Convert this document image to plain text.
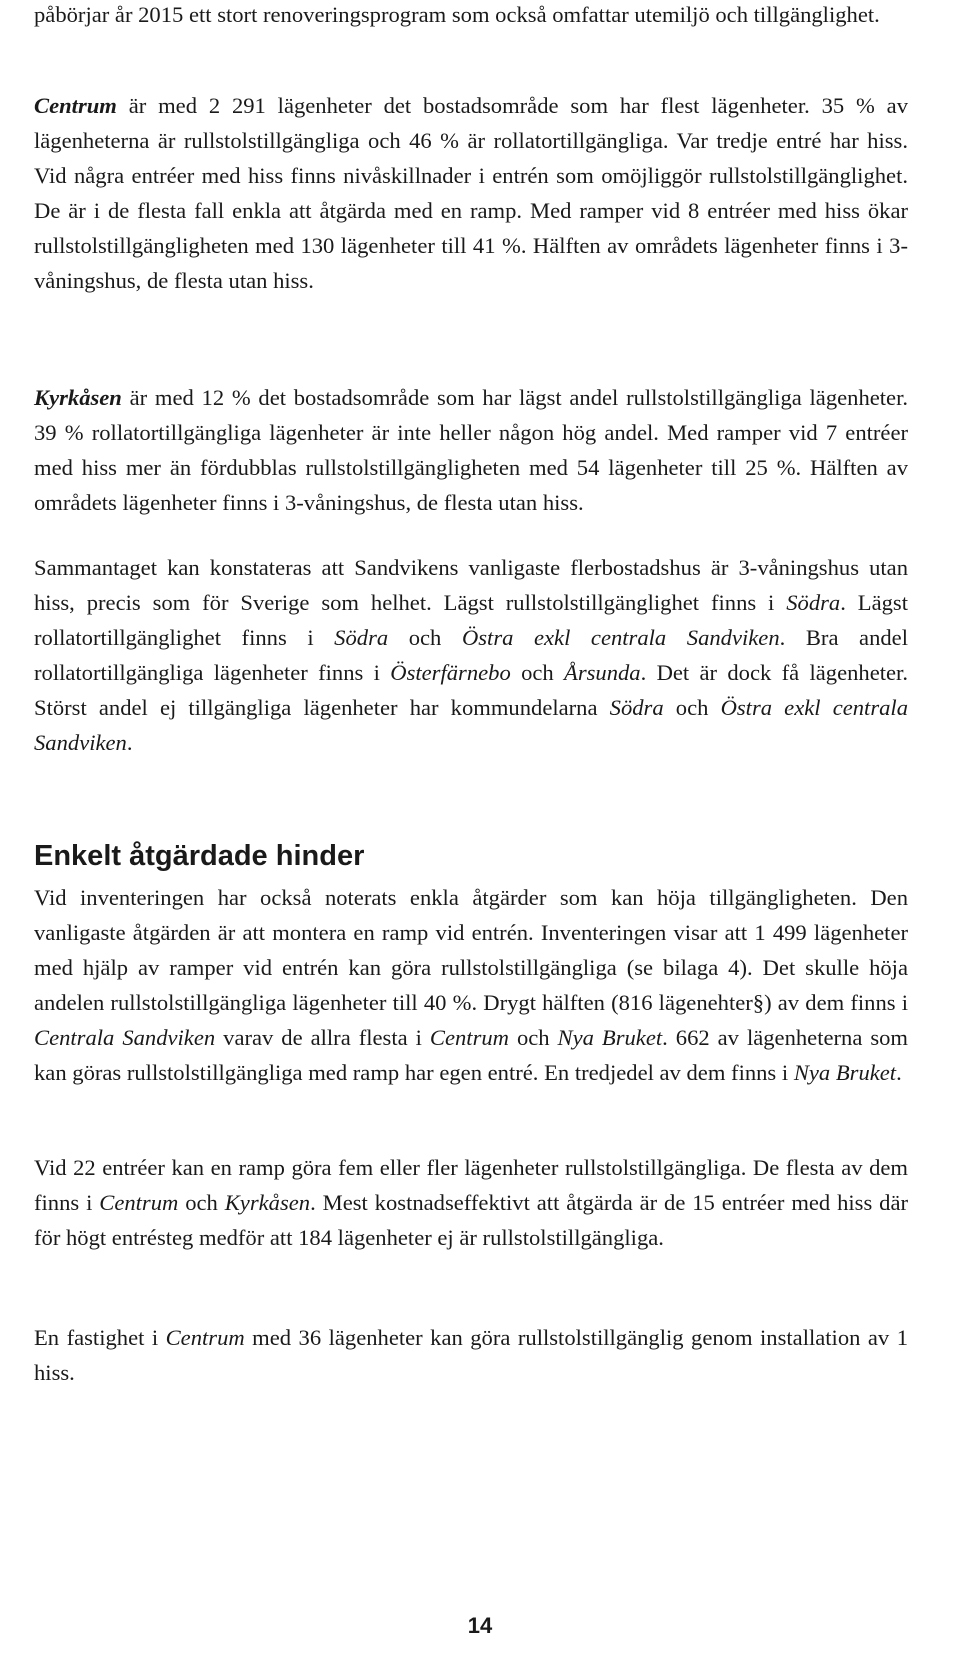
påbörjar år 2015 ett stort renoveringsprogram som också omfattar utemiljö och tillgänglighet.

Centrum är med 2 291 lägenheter det bostadsområde som har flest lägenheter. 35 % av lägenheterna är rullstolstillgängliga och 46 % är rollatortillgängliga. Var tredje entré har hiss. Vid några entréer med hiss finns nivåskillnader i entrén som omöjliggör rullstolstillgänglighet. De är i de flesta fall enkla att åtgärda med en ramp. Med ramper vid 8 entréer med hiss ökar rullstolstillgängligheten med 130 lägenheter till 41 %. Hälften av områdets lägenheter finns i 3-våningshus, de flesta utan hiss.

Kyrkåsen är med 12 % det bostadsområde som har lägst andel rullstolstillgängliga lägenheter. 39 % rollatortillgängliga lägenheter är inte heller någon hög andel. Med ramper vid 7 entréer med hiss mer än fördubblas rullstolstillgängligheten med 54 lägenheter till 25 %. Hälften av områdets lägenheter finns i 3-våningshus, de flesta utan hiss.

Sammantaget kan konstateras att Sandvikens vanligaste flerbostadshus är 3-våningshus utan hiss, precis som för Sverige som helhet. Lägst rullstolstillgänglighet finns i Södra. Lägst rollatortillgänglighet finns i Södra och Östra exkl centrala Sandviken. Bra andel rollatortillgängliga lägenheter finns i Österfärnebo och Årsunda. Det är dock få lägenheter. Störst andel ej tillgängliga lägenheter har kommundelarna Södra och Östra exkl centrala Sandviken.

Enkelt åtgärdade hinder

Vid inventeringen har också noterats enkla åtgärder som kan höja tillgängligheten. Den vanligaste åtgärden är att montera en ramp vid entrén. Inventeringen visar att 1 499 lägenheter med hjälp av ramper vid entrén kan göra rullstolstillgängliga (se bilaga 4). Det skulle höja andelen rullstolstillgängliga lägenheter till 40 %. Drygt hälften (816 lägenehter§) av dem finns i Centrala Sandviken varav de allra flesta i Centrum och Nya Bruket. 662 av lägenheterna som kan göras rullstolstillgängliga med ramp har egen entré. En tredjedel av dem finns i Nya Bruket.

Vid 22 entréer kan en ramp göra fem eller fler lägenheter rullstolstillgängliga. De flesta av dem finns i Centrum och Kyrkåsen. Mest kostnadseffektivt att åtgärda är de 15 entréer med hiss där för högt entrésteg medför att 184 lägenheter ej är rullstolstillgängliga.

En fastighet i Centrum med 36 lägenheter kan göra rullstolstillgänglig genom installation av 1 hiss.

14
